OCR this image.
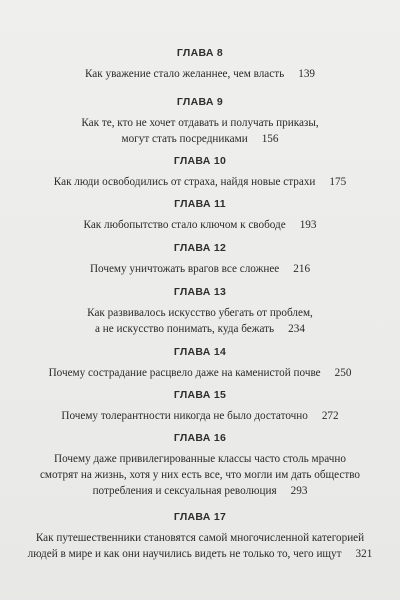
ГЛАВА 8
Как уважение стало желаннее, чем власть 139
ГЛАВА 9
Как те, кто не хочет отдавать и получать приказы,
могут стать посредниками 156
ГЛАВА 10
Как люди освободились от страха, найдя новые страхи 175
ГЛАВА 11
Как любопытство стало ключом к свободе 193
ГЛАВА 12
Почему уничтожать врагов все сложнее 216
ГЛАВА 13
Как развивалось искусство убегать от проблем,
а не искусство понимать, куда бежать 234
ГЛАВА 14
Почему сострадание расцвело даже на каменистой почве 250
ГЛАВА 15
Почему толерантности никогда не было достаточно 272
ГЛАВА 16
Почему даже привилегированные классы часто столь мрачно
смотрят на жизнь, хотя у них есть все, что могли им дать общество
потребления и сексуальная революция 293
ГЛАВА 17
Как путешественники становятся самой многочисленной категорией
людей в мире и как они научились видеть не только то, чего ищут 321
